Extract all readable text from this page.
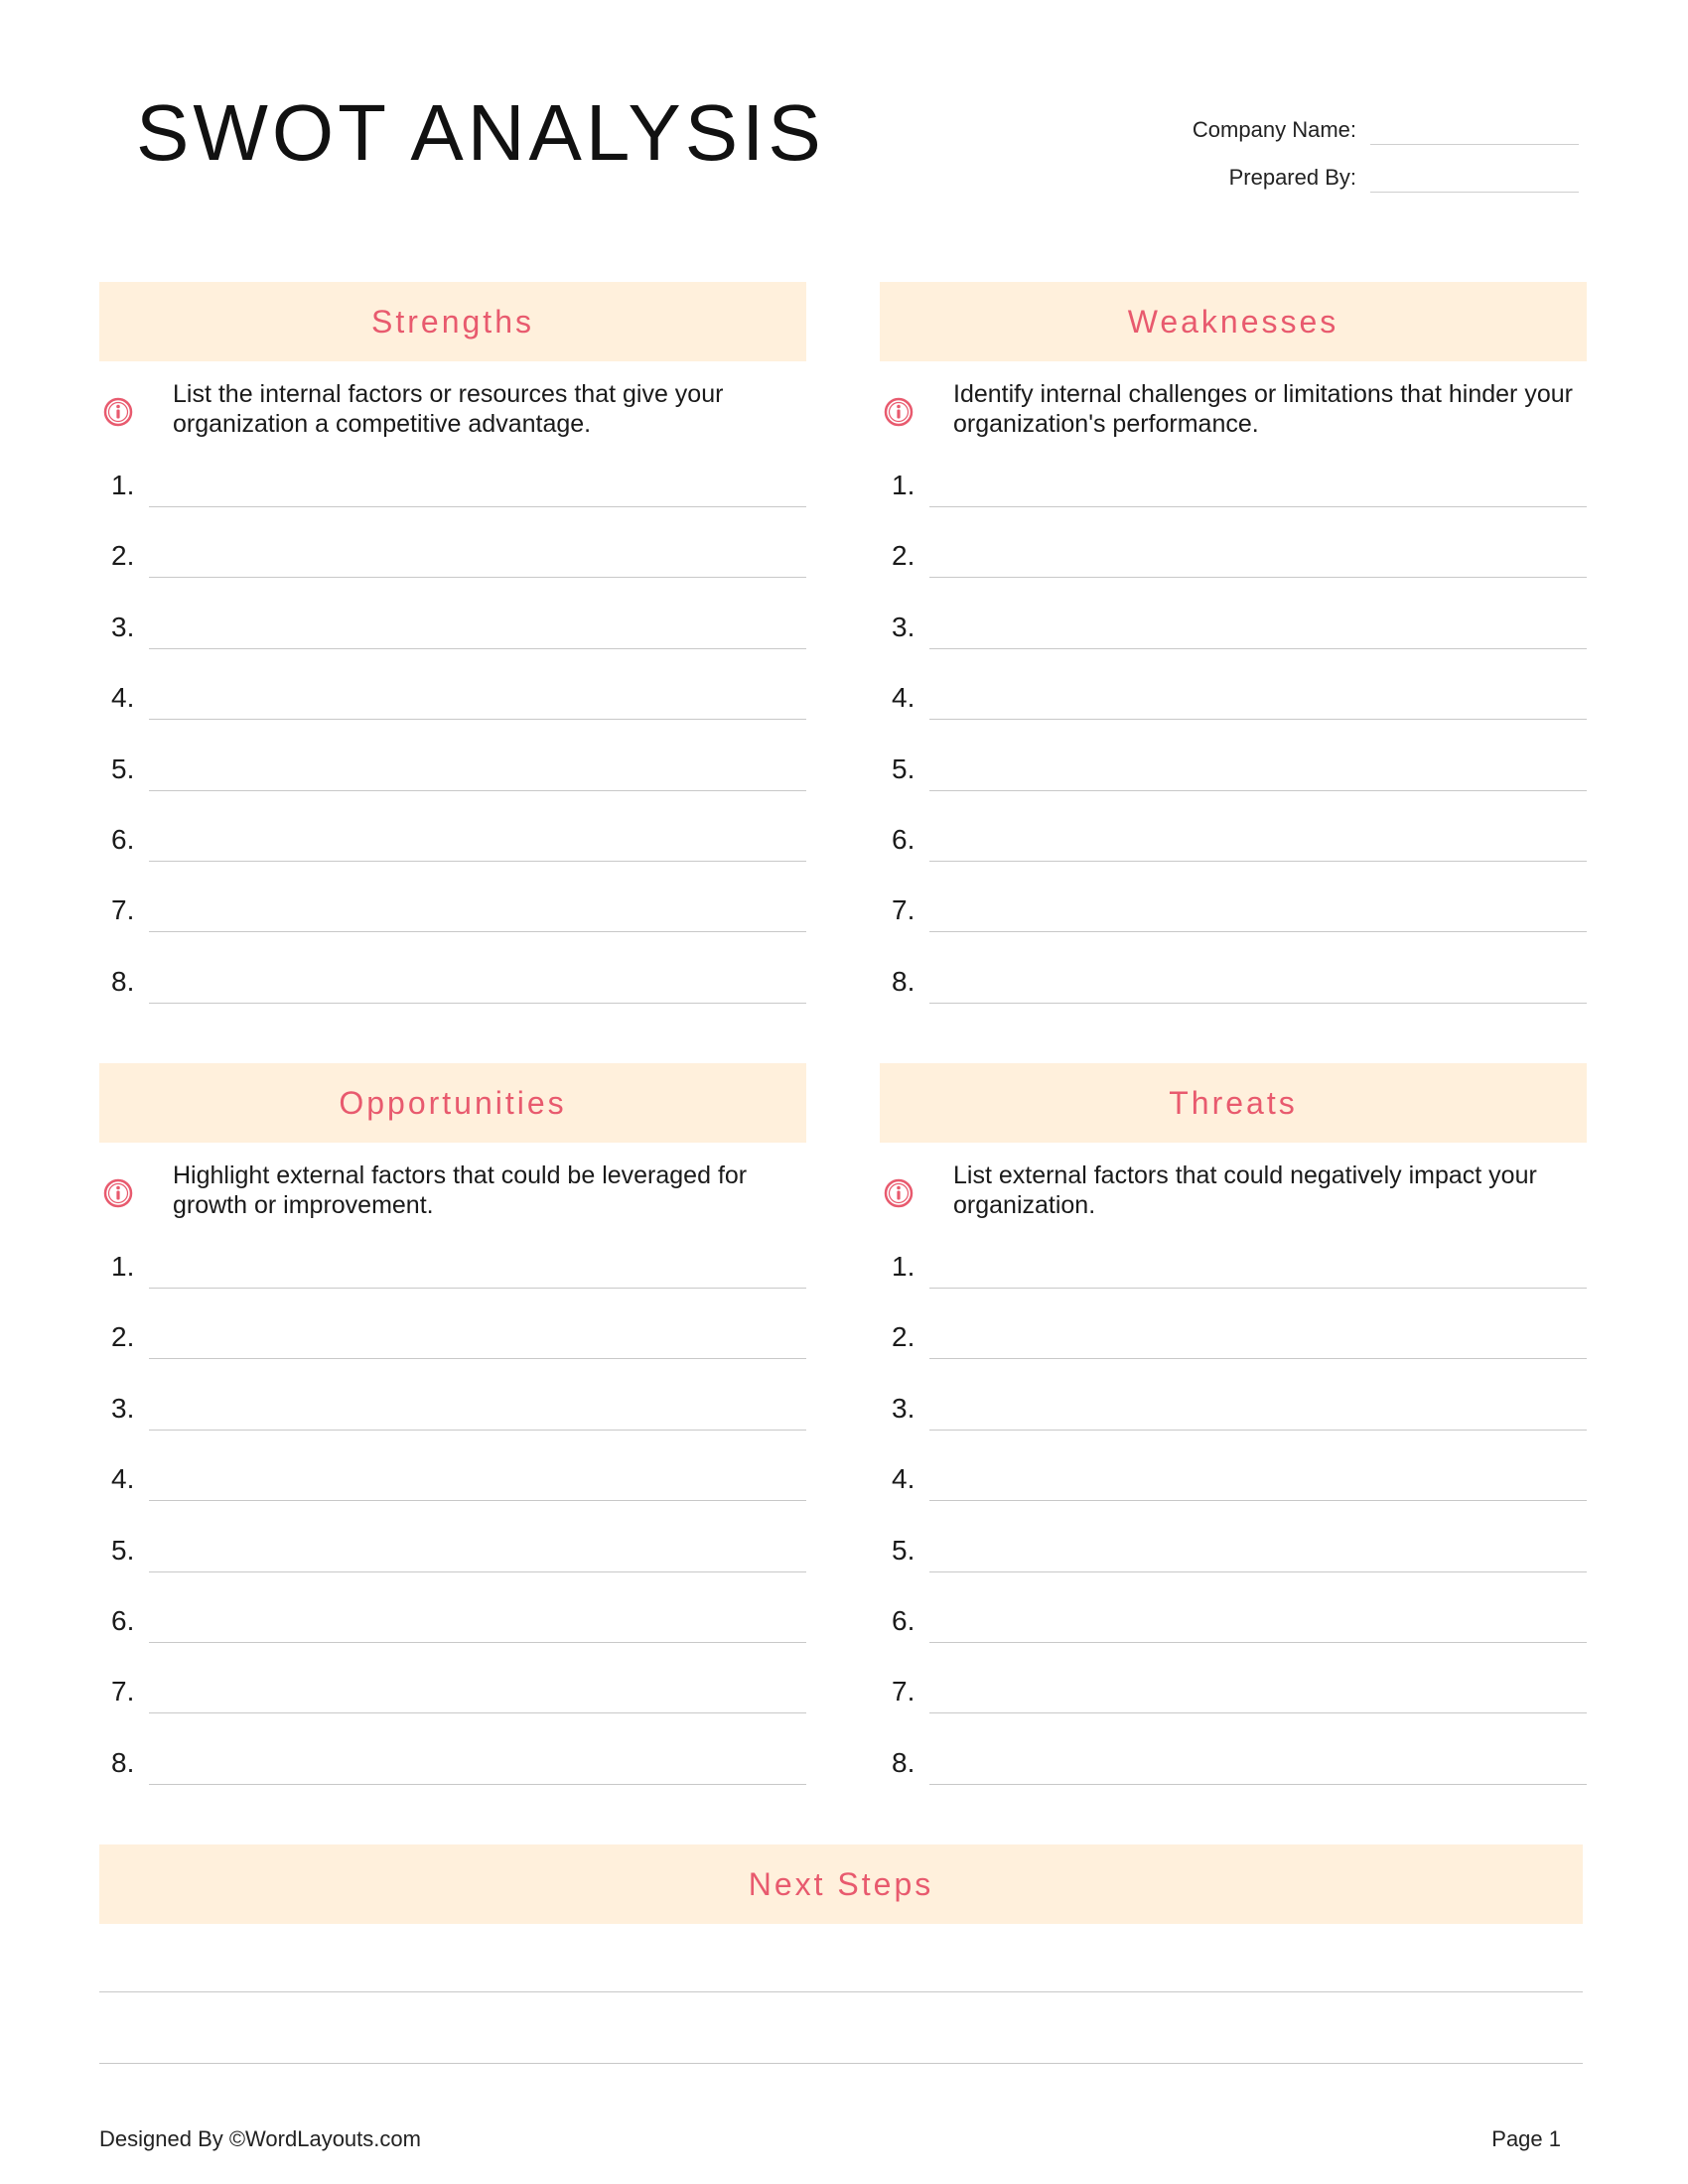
SWOT ANALYSIS	Company Name:
Prepared By:
Strengths
List the internal factors or resources that give your organization a competitive advantage.
1.
2.
3.
4.
5.
6.
7.
8.
Weaknesses
Identify internal challenges or limitations that hinder your organization's performance.
1.
2.
3.
4.
5.
6.
7.
8.
Opportunities
Highlight external factors that could be leveraged for growth or improvement.
1.
2.
3.
4.
5.
6.
7.
8.
Threats
List external factors that could negatively impact your organization.
1.
2.
3.
4.
5.
6.
7.
8.
Next Steps
Designed By ©WordLayouts.com	Page 1
